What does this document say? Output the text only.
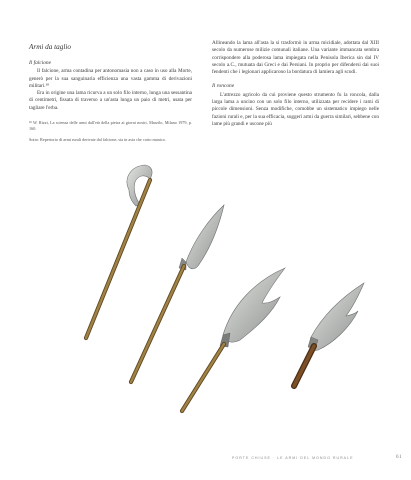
Armi da taglio
Il falcione

Il falcione, arma contadina per antonomasia non a caso in uso alla Morte, generò per la sua sanguinaria efficienza una vasta gamma di derivazioni militari.¹⁸

Era in origine una lama ricurva a un solo filo interno, lunga una sessantina di centimetri, fissata di traverso a un'asta lunga un paio di metri, usata per tagliare l'erba.

¹⁸ W. Rizzi, La scienza delle armi dall'età della pietra ai giorni nostri, Marzilo, Milano 1979, p. 160.

Sotto: Repertorio di armi rurali derivate dal falcione, sia in asta che corto manico.

Allineando la lama all'asta la si trasformò in arma micidiale, adottata dal XIII secolo da numerose milizie comunali italiane. Una variante immancata sembra corrispondere alla poderosa lama impiegata nella Penisola Iberica sin dal IV secolo a.C., mutuata dai Greci e dai Persiani. In proprio per difendersi dai suoi fendenti che i legionari applicarono la bordatura di lamiera agli scudi.

Il roncone

L'attrezzo agricolo da cui proviene questo strumento fu la roncola, dalla larga lama a uncino con un solo filo interno, utilizzata per recidere i rami di piccole dimensioni. Senza modifiche, comobbe un sistematico impiego nelle fazioni rurali e, per la sua efficacia, suggerì armi da guerra similari, sebbene con lame più grandi e uscone più

PORTE CHIUSE · LE ARMI DEL MONDO RURALE	61
